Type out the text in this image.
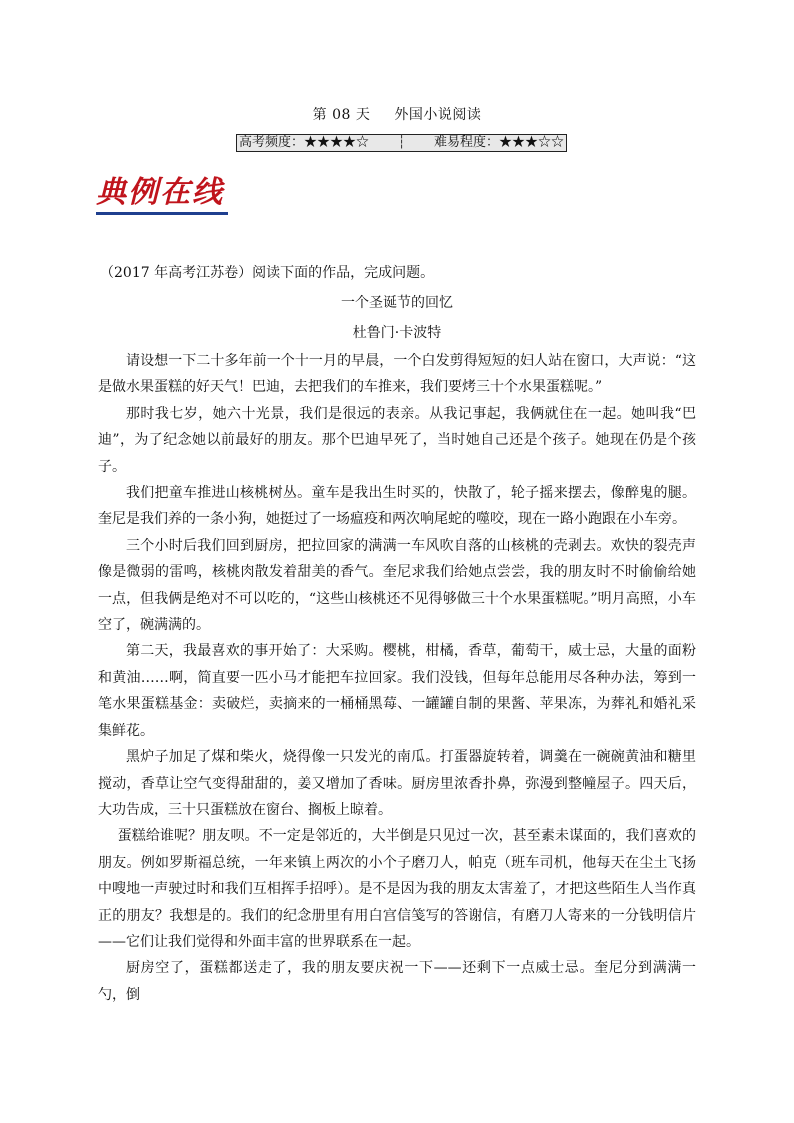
第 08 天 外国小说阅读
高考频度：★★★★☆	┆	难易程度：★★★☆☆
典例在线
（2017 年高考江苏卷）阅读下面的作品，完成问题。
一个圣诞节的回忆
杜鲁门·卡波特

请设想一下二十多年前一个十一月的早晨，一个白发剪得短短的妇人站在窗口，大声说：“这是做水果蛋糕的好天气！巴迪，去把我们的车推来，我们要烤三十个水果蛋糕呢。”

那时我七岁，她六十光景，我们是很远的表亲。从我记事起，我俩就住在一起。她叫我“巴迪”，为了纪念她以前最好的朋友。那个巴迪早死了，当时她自己还是个孩子。她现在仍是个孩子。

我们把童车推进山核桃树丛。童车是我出生时买的，快散了，轮子摇来摆去，像醉鬼的腿。奎尼是我们养的一条小狗，她挺过了一场瘟疫和两次响尾蛇的噬咬，现在一路小跑跟在小车旁。

三个小时后我们回到厨房，把拉回家的满满一车风吹自落的山核桃的壳剥去。欢快的裂壳声像是微弱的雷鸣，核桃肉散发着甜美的香气。奎尼求我们给她点尝尝，我的朋友时不时偷偷给她一点，但我俩是绝对不可以吃的，“这些山核桃还不见得够做三十个水果蛋糕呢。”明月高照，小车空了，碗满满的。

第二天，我最喜欢的事开始了：大采购。樱桃，柑橘，香草，葡萄干，威士忌，大量的面粉和黄油……啊，简直要一匹小马才能把车拉回家。我们没钱，但每年总能用尽各种办法，筹到一笔水果蛋糕基金：卖破烂，卖摘来的一桶桶黑莓、一罐罐自制的果酱、苹果冻，为葬礼和婚礼采集鲜花。

黑炉子加足了煤和柴火，烧得像一只发光的南瓜。打蛋器旋转着，调羹在一碗碗黄油和糖里搅动，香草让空气变得甜甜的，姜又增加了香味。厨房里浓香扑鼻，弥漫到整幢屋子。四天后，大功告成，三十只蛋糕放在窗台、搁板上晾着。

蛋糕给谁呢？朋友呗。不一定是邻近的，大半倒是只见过一次，甚至素未谋面的，我们喜欢的朋友。例如罗斯福总统，一年来镇上两次的小个子磨刀人，帕克（班车司机，他每天在尘土飞扬中嗖地一声驶过时和我们互相挥手招呼）。是不是因为我的朋友太害羞了，才把这些陌生人当作真正的朋友？我想是的。我们的纪念册里有用白宫信笺写的答谢信，有磨刀人寄来的一分钱明信片——它们让我们觉得和外面丰富的世界联系在一起。

厨房空了，蛋糕都送走了，我的朋友要庆祝一下——还剩下一点威士忌。奎尼分到满满一勺，倒
